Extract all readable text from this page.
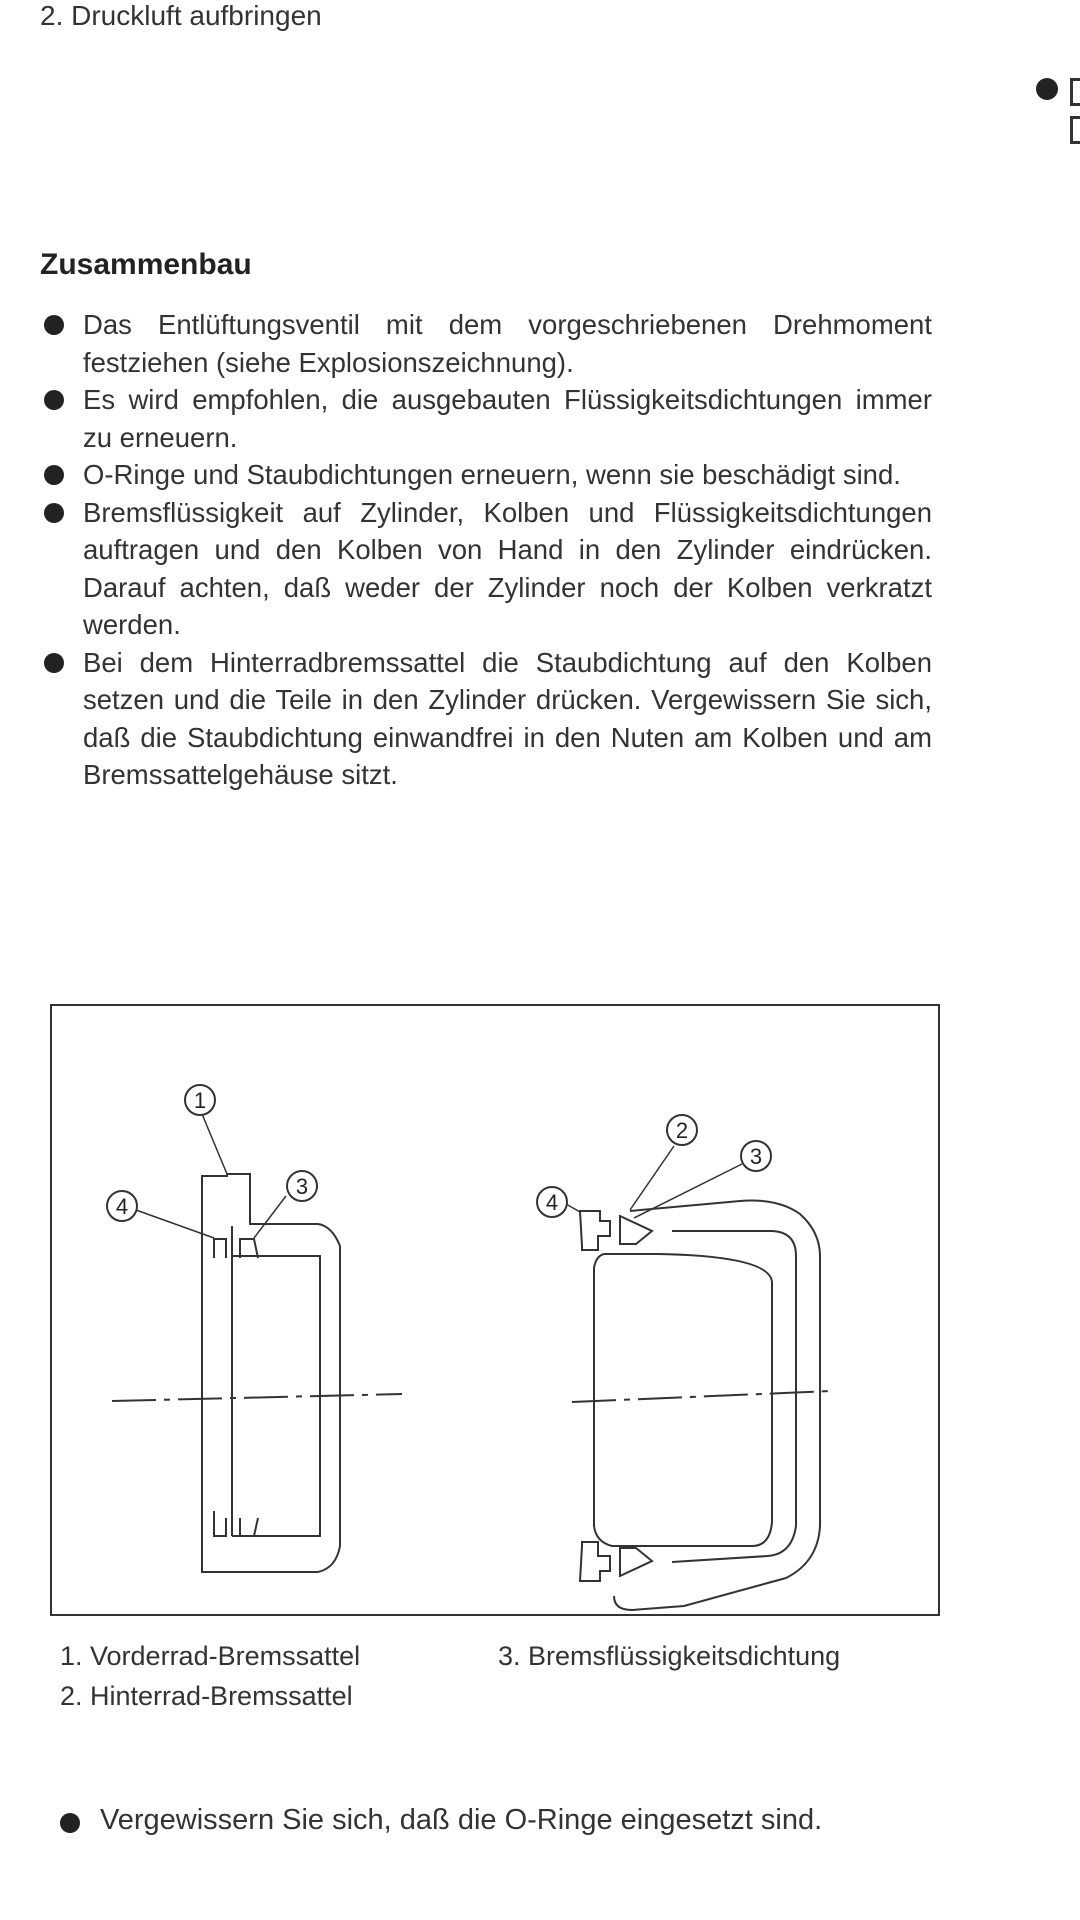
2. Druckluft aufbringen
Zusammenbau
Das Entlüftungsventil mit dem vorgeschriebenen Drehmoment festziehen (siehe Explosionszeichnung).
Es wird empfohlen, die ausgebauten Flüssigkeitsdichtungen immer zu erneuern.
O-Ringe und Staubdichtungen erneuern, wenn sie beschädigt sind.
Bremsflüssigkeit auf Zylinder, Kolben und Flüssigkeitsdichtungen auftragen und den Kolben von Hand in den Zylinder eindrücken. Darauf achten, daß weder der Zylinder noch der Kolben verkratzt werden.
Bei dem Hinterradbremssattel die Staubdichtung auf den Kolben setzen und die Teile in den Zylinder drücken. Vergewissern Sie sich, daß die Staubdichtung einwandfrei in den Nuten am Kolben und am Bremssattelgehäuse sitzt.
1
3
4
2
3
4
1. Vorderrad-Bremssattel
2. Hinterrad-Bremssattel
3. Bremsflüssigkeitsdichtung
Vergewissern Sie sich, daß die O-Ringe eingesetzt sind.
